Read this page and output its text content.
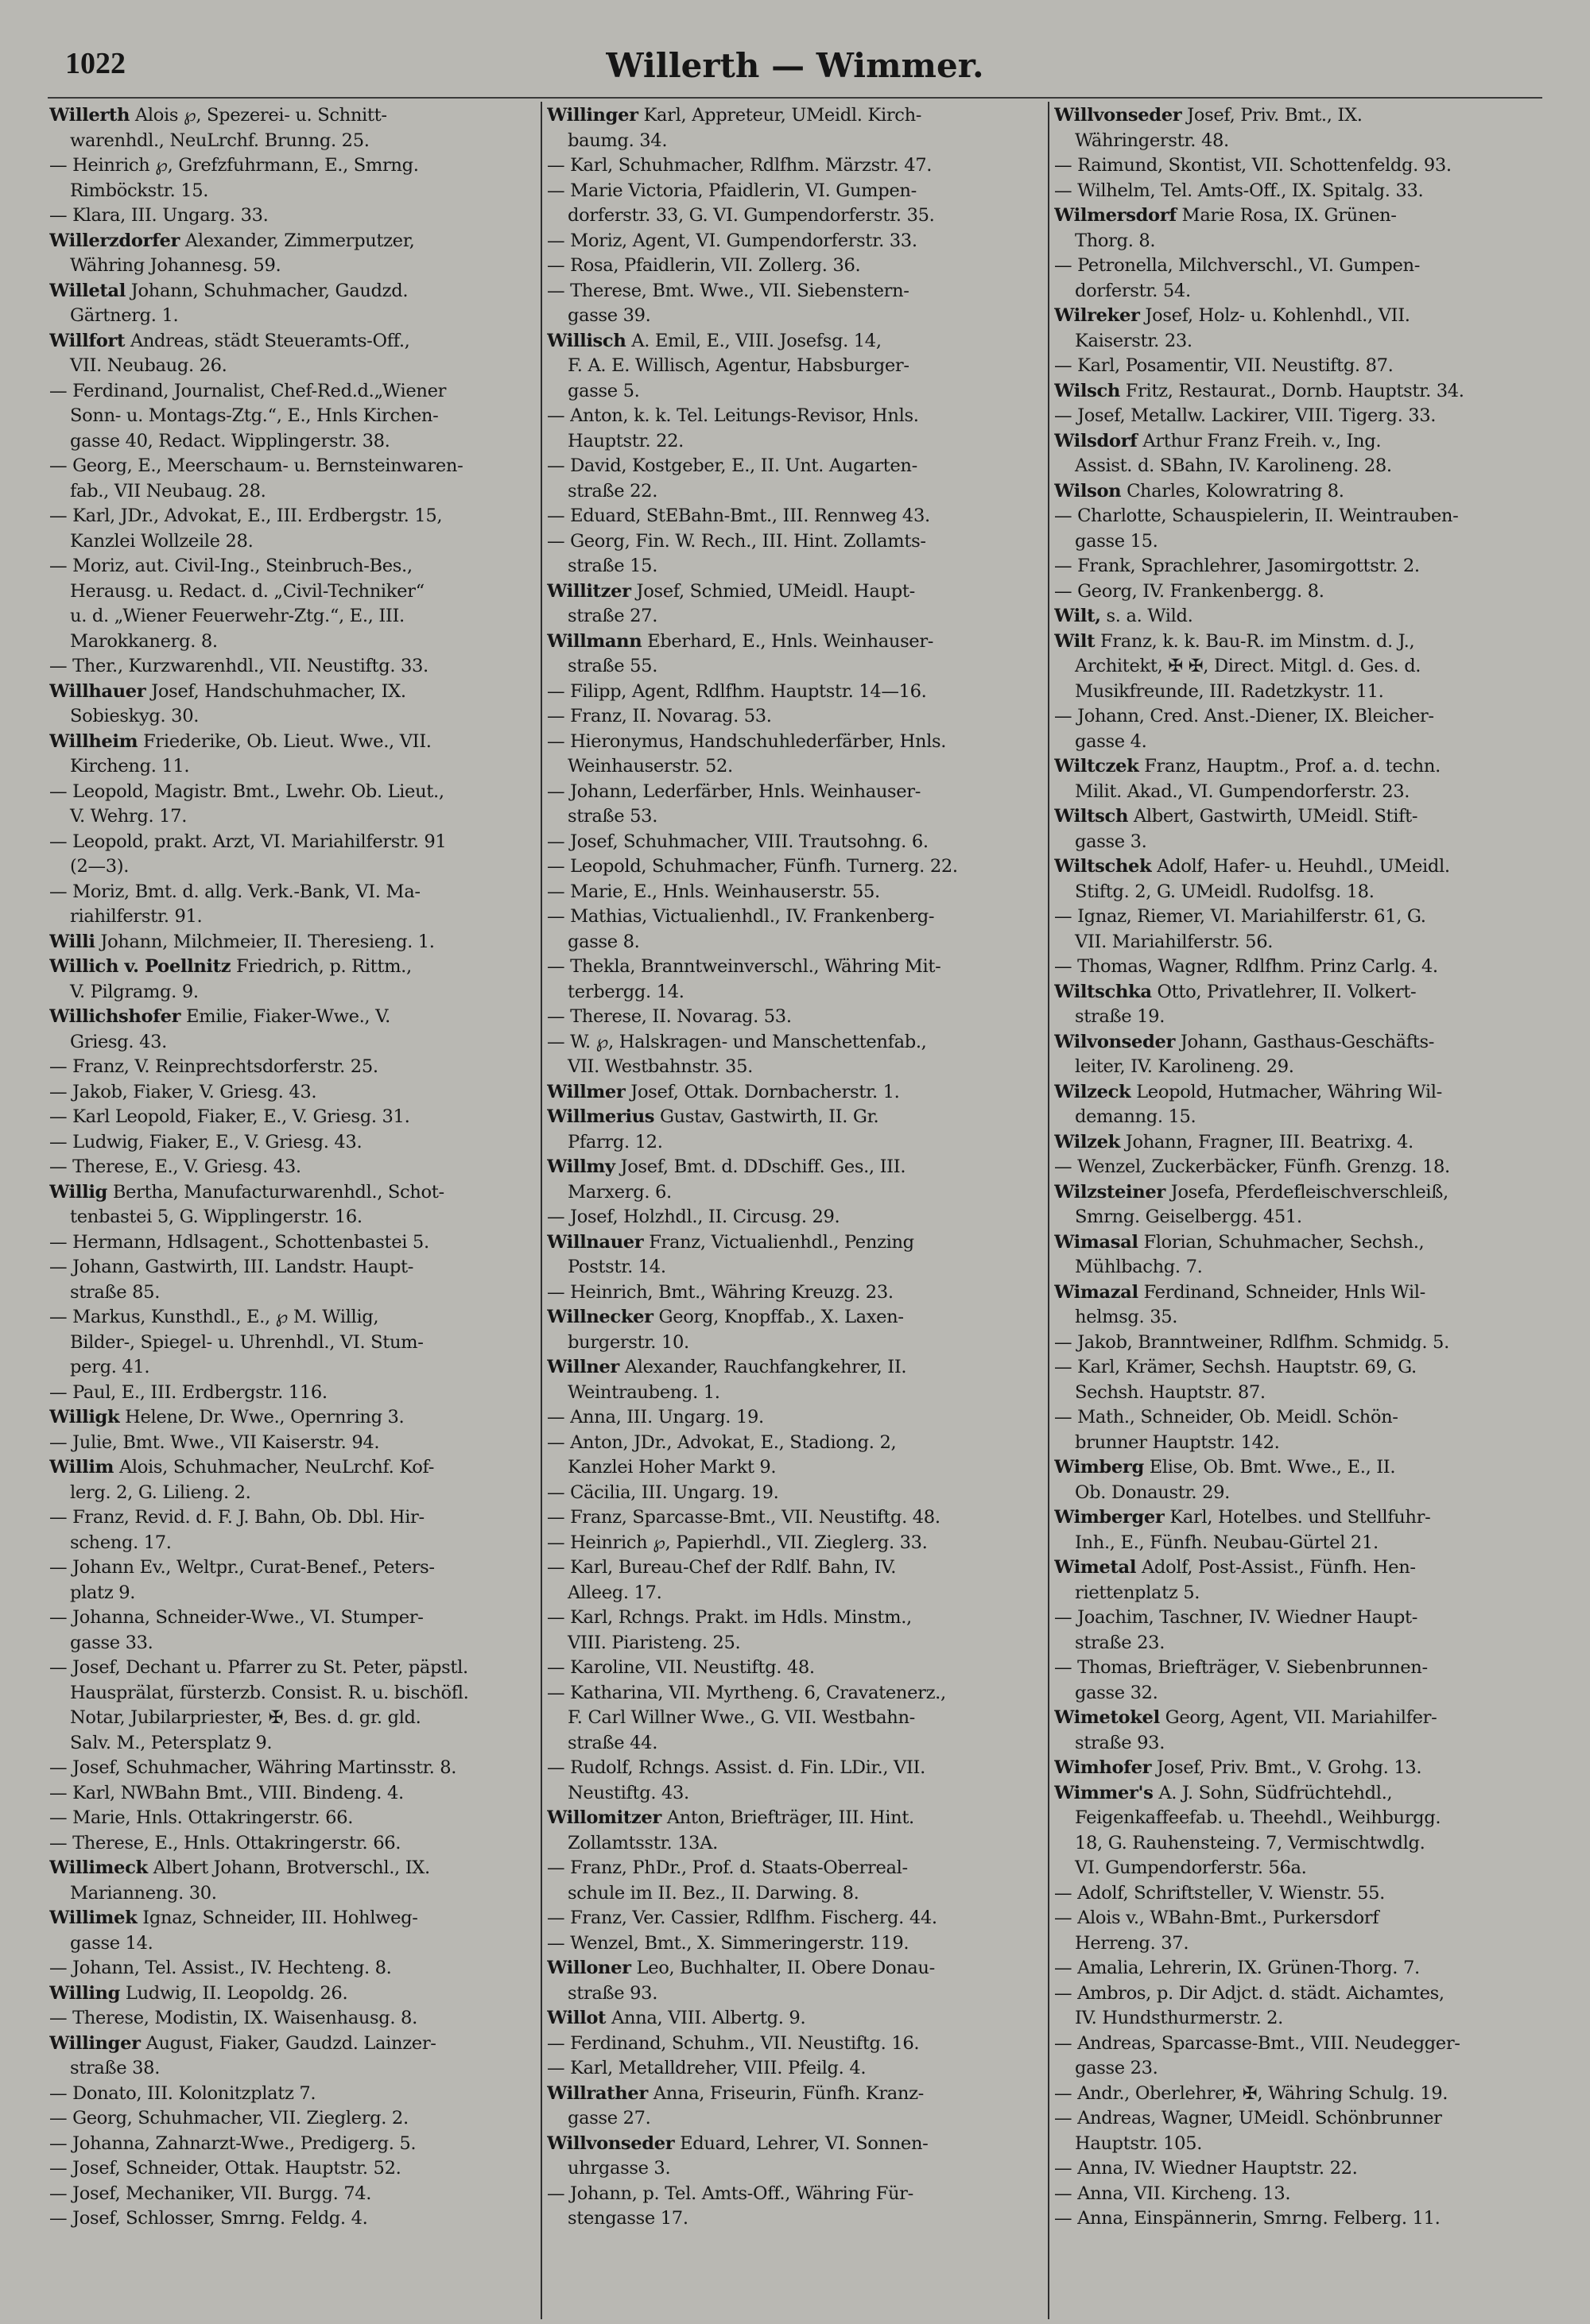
Willerth — Wimmer.
1022
Willerth Alois ℘, Spezerei- u. Schnitt-
warenhdl., NeuLrchf. Brunng. 25.
— Heinrich ℘, Grefzfuhrmann, E., Smrng.
Rimböckstr. 15.
— Klara, III. Ungarg. 33.
Willerzdorfer Alexander, Zimmerputzer,
Währing Johannesg. 59.
Willetal Johann, Schuhmacher, Gaudzd.
Gärtnerg. 1.
Willfort Andreas, städt Steueramts-Off.,
VII. Neubaug. 26.
— Ferdinand, Journalist, Chef-Red.d.„Wiener
Sonn- u. Montags-Ztg.“, E., Hnls Kirchen-
gasse 40, Redact. Wipplingerstr. 38.
— Georg, E., Meerschaum- u. Bernsteinwaren-
fab., VII Neubaug. 28.
— Karl, JDr., Advokat, E., III. Erdbergstr. 15,
Kanzlei Wollzeile 28.
— Moriz, aut. Civil-Ing., Steinbruch-Bes.,
Herausg. u. Redact. d. „Civil-Techniker“
u. d. „Wiener Feuerwehr-Ztg.“, E., III.
Marokkanerg. 8.
— Ther., Kurzwarenhdl., VII. Neustiftg. 33.
Willhauer Josef, Handschuhmacher, IX.
Sobieskyg. 30.
Willheim Friederike, Ob. Lieut. Wwe., VII.
Kircheng. 11.
— Leopold, Magistr. Bmt., Lwehr. Ob. Lieut.,
V. Wehrg. 17.
— Leopold, prakt. Arzt, VI. Mariahilferstr. 91
(2—3).
— Moriz, Bmt. d. allg. Verk.-Bank, VI. Ma-
riahilferstr. 91.
Willi Johann, Milchmeier, II. Theresieng. 1.
Willich v. Poellnitz Friedrich, p. Rittm.,
V. Pilgramg. 9.
Willichshofer Emilie, Fiaker-Wwe., V.
Griesg. 43.
— Franz, V. Reinprechtsdorferstr. 25.
— Jakob, Fiaker, V. Griesg. 43.
— Karl Leopold, Fiaker, E., V. Griesg. 31.
— Ludwig, Fiaker, E., V. Griesg. 43.
— Therese, E., V. Griesg. 43.
Willig Bertha, Manufacturwarenhdl., Schot-
tenbastei 5, G. Wipplingerstr. 16.
— Hermann, Hdlsagent., Schottenbastei 5.
— Johann, Gastwirth, III. Landstr. Haupt-
straße 85.
— Markus, Kunsthdl., E., ℘ M. Willig,
Bilder-, Spiegel- u. Uhrenhdl., VI. Stum-
perg. 41.
— Paul, E., III. Erdbergstr. 116.
Willigk Helene, Dr. Wwe., Opernring 3.
— Julie, Bmt. Wwe., VII Kaiserstr. 94.
Willim Alois, Schuhmacher, NeuLrchf. Kof-
lerg. 2, G. Lilieng. 2.
— Franz, Revid. d. F. J. Bahn, Ob. Dbl. Hir-
scheng. 17.
— Johann Ev., Weltpr., Curat-Benef., Peters-
platz 9.
— Johanna, Schneider-Wwe., VI. Stumper-
gasse 33.
— Josef, Dechant u. Pfarrer zu St. Peter, päpstl.
Hausprälat, fürsterzb. Consist. R. u. bischöfl.
Notar, Jubilarpriester, ✠, Bes. d. gr. gld.
Salv. M., Petersplatz 9.
— Josef, Schuhmacher, Währing Martinsstr. 8.
— Karl, NWBahn Bmt., VIII. Bindeng. 4.
— Marie, Hnls. Ottakringerstr. 66.
— Therese, E., Hnls. Ottakringerstr. 66.
Willimeck Albert Johann, Brotverschl., IX.
Marianneng. 30.
Willimek Ignaz, Schneider, III. Hohlweg-
gasse 14.
— Johann, Tel. Assist., IV. Hechteng. 8.
Willing Ludwig, II. Leopoldg. 26.
— Therese, Modistin, IX. Waisenhausg. 8.
Willinger August, Fiaker, Gaudzd. Lainzer-
straße 38.
— Donato, III. Kolonitzplatz 7.
— Georg, Schuhmacher, VII. Zieglerg. 2.
— Johanna, Zahnarzt-Wwe., Predigerg. 5.
— Josef, Schneider, Ottak. Hauptstr. 52.
— Josef, Mechaniker, VII. Burgg. 74.
— Josef, Schlosser, Smrng. Feldg. 4.
Willinger Karl, Appreteur, UMeidl. Kirch-
baumg. 34.
— Karl, Schuhmacher, Rdlfhm. Märzstr. 47.
— Marie Victoria, Pfaidlerin, VI. Gumpen-
dorferstr. 33, G. VI. Gumpendorferstr. 35.
— Moriz, Agent, VI. Gumpendorferstr. 33.
— Rosa, Pfaidlerin, VII. Zollerg. 36.
— Therese, Bmt. Wwe., VII. Siebenstern-
gasse 39.
Willisch A. Emil, E., VIII. Josefsg. 14,
F. A. E. Willisch, Agentur, Habsburger-
gasse 5.
— Anton, k. k. Tel. Leitungs-Revisor, Hnls.
Hauptstr. 22.
— David, Kostgeber, E., II. Unt. Augarten-
straße 22.
— Eduard, StEBahn-Bmt., III. Rennweg 43.
— Georg, Fin. W. Rech., III. Hint. Zollamts-
straße 15.
Willitzer Josef, Schmied, UMeidl. Haupt-
straße 27.
Willmann Eberhard, E., Hnls. Weinhauser-
straße 55.
— Filipp, Agent, Rdlfhm. Hauptstr. 14—16.
— Franz, II. Novarag. 53.
— Hieronymus, Handschuhlederfärber, Hnls.
Weinhauserstr. 52.
— Johann, Lederfärber, Hnls. Weinhauser-
straße 53.
— Josef, Schuhmacher, VIII. Trautsohng. 6.
— Leopold, Schuhmacher, Fünfh. Turnerg. 22.
— Marie, E., Hnls. Weinhauserstr. 55.
— Mathias, Victualienhdl., IV. Frankenberg-
gasse 8.
— Thekla, Branntweinverschl., Währing Mit-
terbergg. 14.
— Therese, II. Novarag. 53.
— W. ℘, Halskragen- und Manschettenfab.,
VII. Westbahnstr. 35.
Willmer Josef, Ottak. Dornbacherstr. 1.
Willmerius Gustav, Gastwirth, II. Gr.
Pfarrg. 12.
Willmy Josef, Bmt. d. DDschiff. Ges., III.
Marxerg. 6.
— Josef, Holzhdl., II. Circusg. 29.
Willnauer Franz, Victualienhdl., Penzing
Poststr. 14.
— Heinrich, Bmt., Währing Kreuzg. 23.
Willnecker Georg, Knopffab., X. Laxen-
burgerstr. 10.
Willner Alexander, Rauchfangkehrer, II.
Weintraubeng. 1.
— Anna, III. Ungarg. 19.
— Anton, JDr., Advokat, E., Stadiong. 2,
Kanzlei Hoher Markt 9.
— Cäcilia, III. Ungarg. 19.
— Franz, Sparcasse-Bmt., VII. Neustiftg. 48.
— Heinrich ℘, Papierhdl., VII. Zieglerg. 33.
— Karl, Bureau-Chef der Rdlf. Bahn, IV.
Alleeg. 17.
— Karl, Rchngs. Prakt. im Hdls. Minstm.,
VIII. Piaristeng. 25.
— Karoline, VII. Neustiftg. 48.
— Katharina, VII. Myrtheng. 6, Cravatenerz.,
F. Carl Willner Wwe., G. VII. Westbahn-
straße 44.
— Rudolf, Rchngs. Assist. d. Fin. LDir., VII.
Neustiftg. 43.
Willomitzer Anton, Briefträger, III. Hint.
Zollamtsstr. 13A.
— Franz, PhDr., Prof. d. Staats-Oberreal-
schule im II. Bez., II. Darwing. 8.
— Franz, Ver. Cassier, Rdlfhm. Fischerg. 44.
— Wenzel, Bmt., X. Simmeringerstr. 119.
Willoner Leo, Buchhalter, II. Obere Donau-
straße 93.
Willot Anna, VIII. Albertg. 9.
— Ferdinand, Schuhm., VII. Neustiftg. 16.
— Karl, Metalldreher, VIII. Pfeilg. 4.
Willrather Anna, Friseurin, Fünfh. Kranz-
gasse 27.
Willvonseder Eduard, Lehrer, VI. Sonnen-
uhrgasse 3.
— Johann, p. Tel. Amts-Off., Währing Für-
stengasse 17.
Willvonseder Josef, Priv. Bmt., IX.
Währingerstr. 48.
— Raimund, Skontist, VII. Schottenfeldg. 93.
— Wilhelm, Tel. Amts-Off., IX. Spitalg. 33.
Wilmersdorf Marie Rosa, IX. Grünen-
Thorg. 8.
— Petronella, Milchverschl., VI. Gumpen-
dorferstr. 54.
Wilreker Josef, Holz- u. Kohlenhdl., VII.
Kaiserstr. 23.
— Karl, Posamentir, VII. Neustiftg. 87.
Wilsch Fritz, Restaurat., Dornb. Hauptstr. 34.
— Josef, Metallw. Lackirer, VIII. Tigerg. 33.
Wilsdorf Arthur Franz Freih. v., Ing.
Assist. d. SBahn, IV. Karolineng. 28.
Wilson Charles, Kolowratring 8.
— Charlotte, Schauspielerin, II. Weintrauben-
gasse 15.
— Frank, Sprachlehrer, Jasomirgottstr. 2.
— Georg, IV. Frankenbergg. 8.
Wilt, s. a. Wild.
Wilt Franz, k. k. Bau-R. im Minstm. d. J.,
Architekt, ✠ ✠, Direct. Mitgl. d. Ges. d.
Musikfreunde, III. Radetzkystr. 11.
— Johann, Cred. Anst.-Diener, IX. Bleicher-
gasse 4.
Wiltczek Franz, Hauptm., Prof. a. d. techn.
Milit. Akad., VI. Gumpendorferstr. 23.
Wiltsch Albert, Gastwirth, UMeidl. Stift-
gasse 3.
Wiltschek Adolf, Hafer- u. Heuhdl., UMeidl.
Stiftg. 2, G. UMeidl. Rudolfsg. 18.
— Ignaz, Riemer, VI. Mariahilferstr. 61, G.
VII. Mariahilferstr. 56.
— Thomas, Wagner, Rdlfhm. Prinz Carlg. 4.
Wiltschka Otto, Privatlehrer, II. Volkert-
straße 19.
Wilvonseder Johann, Gasthaus-Geschäfts-
leiter, IV. Karolineng. 29.
Wilzeck Leopold, Hutmacher, Währing Wil-
demanng. 15.
Wilzek Johann, Fragner, III. Beatrixg. 4.
— Wenzel, Zuckerbäcker, Fünfh. Grenzg. 18.
Wilzsteiner Josefa, Pferdefleischverschleiß,
Smrng. Geiselbergg. 451.
Wimasal Florian, Schuhmacher, Sechsh.,
Mühlbachg. 7.
Wimazal Ferdinand, Schneider, Hnls Wil-
helmsg. 35.
— Jakob, Branntweiner, Rdlfhm. Schmidg. 5.
— Karl, Krämer, Sechsh. Hauptstr. 69, G.
Sechsh. Hauptstr. 87.
— Math., Schneider, Ob. Meidl. Schön-
brunner Hauptstr. 142.
Wimberg Elise, Ob. Bmt. Wwe., E., II.
Ob. Donaustr. 29.
Wimberger Karl, Hotelbes. und Stellfuhr-
Inh., E., Fünfh. Neubau-Gürtel 21.
Wimetal Adolf, Post-Assist., Fünfh. Hen-
riettenplatz 5.
— Joachim, Taschner, IV. Wiedner Haupt-
straße 23.
— Thomas, Briefträger, V. Siebenbrunnen-
gasse 32.
Wimetokel Georg, Agent, VII. Mariahilfer-
straße 93.
Wimhofer Josef, Priv. Bmt., V. Grohg. 13.
Wimmer's A. J. Sohn, Südfrüchtehdl.,
Feigenkaffeefab. u. Theehdl., Weihburgg.
18, G. Rauhensteing. 7, Vermischtwdlg.
VI. Gumpendorferstr. 56a.
— Adolf, Schriftsteller, V. Wienstr. 55.
— Alois v., WBahn-Bmt., Purkersdorf
Herreng. 37.
— Amalia, Lehrerin, IX. Grünen-Thorg. 7.
— Ambros, p. Dir Adjct. d. städt. Aichamtes,
IV. Hundsthurmerstr. 2.
— Andreas, Sparcasse-Bmt., VIII. Neudegger-
gasse 23.
— Andr., Oberlehrer, ✠, Währing Schulg. 19.
— Andreas, Wagner, UMeidl. Schönbrunner
Hauptstr. 105.
— Anna, IV. Wiedner Hauptstr. 22.
— Anna, VII. Kircheng. 13.
— Anna, Einspännerin, Smrng. Felberg. 11.
